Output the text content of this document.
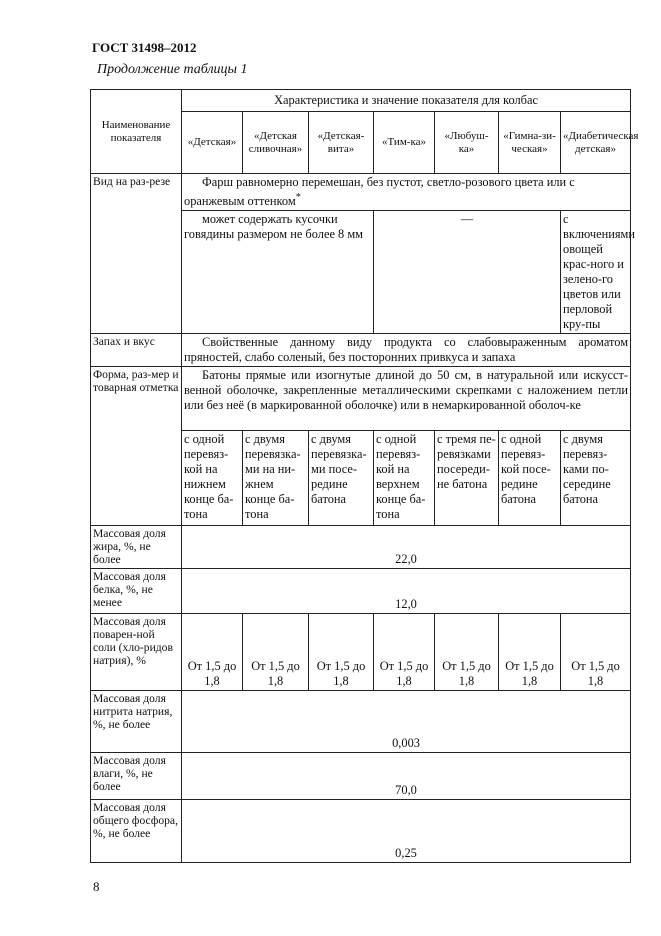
ГОСТ 31498–2012
Продолжение таблицы 1
Наименование показателя	Характеристика и значение показателя для колбас						
	«Детская»	«Детская сливочная»	«Детская-вита»	«Тим-ка»	«Любуш-ка»	«Гимна-зи-ческая»	«Диабетическая детская»
Вид на раз-резе	Фарш равномерно перемешан, без пустот, светло-розового цвета или с оранжевым оттенком*
	может содержать кусочки говядины размером не более 8 мм			—			с включениями овощей крас-ного и зелено-го цветов или перловой кру-пы
Запах и вкус	Свойственные данному виду продукта со слабовыраженным ароматом пряностей, слабо соленый, без посторонних привкуса и запаха						
Форма, раз-мер и товарная отметка	Батоны прямые или изогнутые длиной до 50 см, в натуральной или искусст-венной оболочке, закрепленные металлическими скрепками с наложением петли или без неё (в маркированной оболочке) или в немаркированной оболоч-ке						
	с одной перевяз-кой на нижнем конце ба-тона	с двумя перевязка-ми на ни-жнем конце ба-тона	с двумя перевязка-ми посе-редине батона	с одной перевяз-кой на верхнем конце ба-тона	с тремя пе-ревязками посереди-не батона	с одной перевяз-кой посе-редине батона	с двумя перевяз-ками по-середине батона
Массовая доля жира, %, не более	22,0						
Массовая доля белка, %, не менее	12,0						
Массовая доля поварен-ной соли (хло-ридов натрия), %	От 1,5 до 1,8	От 1,5 до 1,8	От 1,5 до 1,8	От 1,5 до 1,8	От 1,5 до 1,8	От 1,5 до 1,8	От 1,5 до 1,8
Массовая доля нитрита натрия, %, не более	0,003						
Массовая доля влаги, %, не более	70,0						
Массовая доля общего фосфора, %, не более	0,25						
8
